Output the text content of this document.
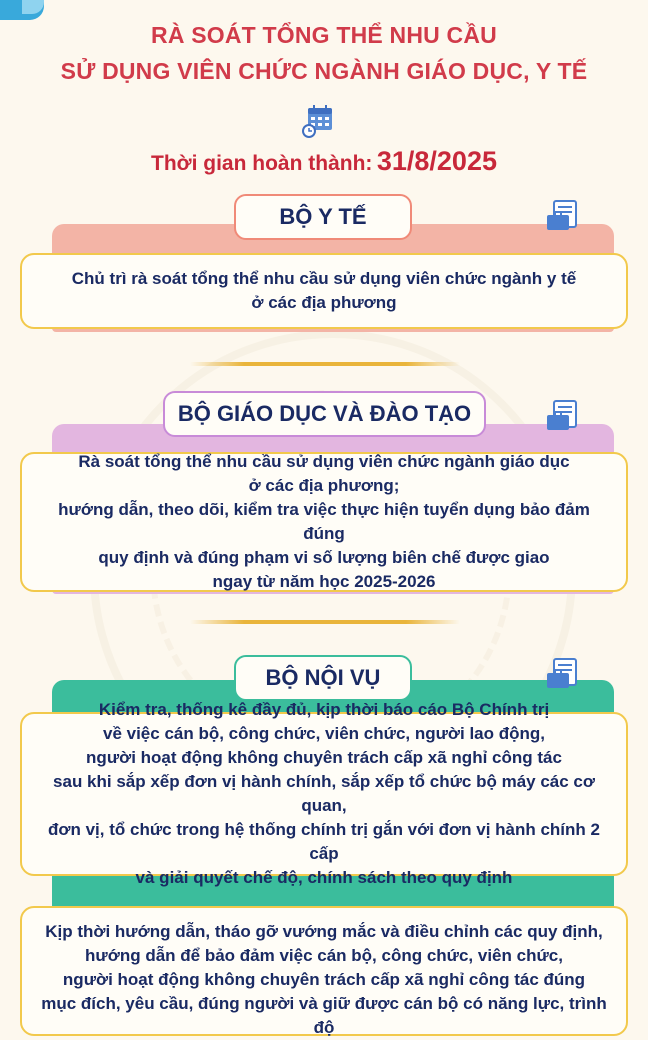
RÀ SOÁT TỔNG THỂ NHU CẦU
SỬ DỤNG VIÊN CHỨC NGÀNH GIÁO DỤC, Y TẾ
Thời gian hoàn thành: 31/8/2025
BỘ Y TẾ
Chủ trì rà soát tổng thể nhu cầu sử dụng viên chức ngành y tế
ở các địa phương
BỘ GIÁO DỤC VÀ ĐÀO TẠO
Rà soát tổng thể nhu cầu sử dụng viên chức ngành giáo dục
ở các địa phương;
hướng dẫn, theo dõi, kiểm tra việc thực hiện tuyển dụng bảo đảm đúng
quy định và đúng phạm vi số lượng biên chế được giao
ngay từ năm học 2025-2026
BỘ NỘI VỤ
Kiểm tra, thống kê đầy đủ, kịp thời báo cáo Bộ Chính trị
về việc cán bộ, công chức, viên chức, người lao động,
người hoạt động không chuyên trách cấp xã nghỉ công tác
sau khi sắp xếp đơn vị hành chính, sắp xếp tổ chức bộ máy các cơ quan,
đơn vị, tổ chức trong hệ thống chính trị gắn với đơn vị hành chính 2 cấp
và giải quyết chế độ, chính sách theo quy định
Kịp thời hướng dẫn, tháo gỡ vướng mắc và điều chỉnh các quy định,
hướng dẫn để bảo đảm việc cán bộ, công chức, viên chức,
người hoạt động không chuyên trách cấp xã nghỉ công tác đúng
mục đích, yêu cầu, đúng người và giữ được cán bộ có năng lực, trình độ
